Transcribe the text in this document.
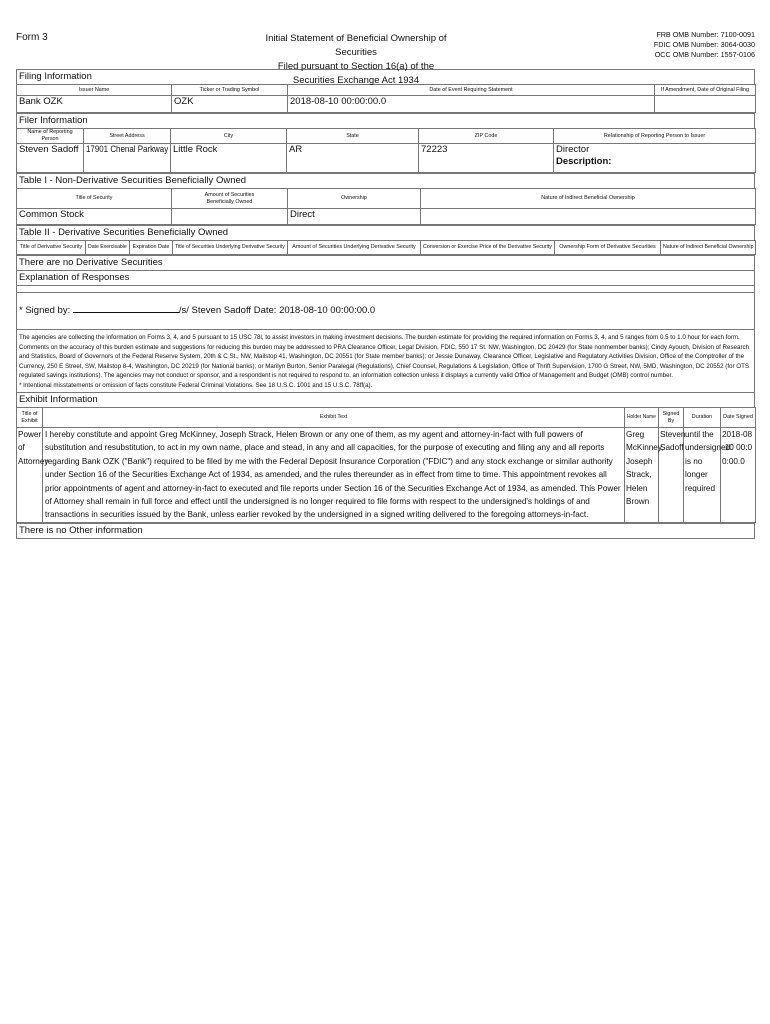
Form 3	Initial Statement of Beneficial Ownership of Securities
Filed pursuant to Section 16(a) of the Securities Exchange Act 1934
FRB OMB Number: 7100-0091
FDIC OMB Number: 3064-0030
OCC OMB Number: 1557-0106
Filing Information
Issuer Name	Ticker or Trading Symbol	Date of Event Requiring Statement	If Amendment, Date of Original Filing
Bank OZK	OZK	2018-08-10 00:00:00.0	
Filer Information
Name of Reporting Person	Street Address	City	State	ZIP Code	Relationship of Reporting Person to Issuer
Steven Sadoff	17901 Chenal Parkway	Little Rock	AR	72223	Director
Description:
Table I - Non-Derivative Securities Beneficially Owned
Title of Security	Amount of Securities Beneficially Owned	Ownership	Nature of Indirect Beneficial Ownership
Common Stock		Direct	
Table II - Derivative Securities Beneficially Owned
Title of Derivative Security	Date Exercisable	Expiration Date	Title of Securities Underlying Derivative Security	Amount of Securities Underlying Derivative Security	Conversion or Exercise Price of the Derivative Security	Ownership Form of Derivative Securities	Nature of Indirect Beneficial Ownership
There are no Derivative Securities
Explanation of Responses
* Signed by:	/s/ Steven Sadoff Date: 2018-08-10 00:00:00.0
The agencies are collecting the information on Forms 3, 4, and 5 pursuant to 15 USC 78l, to assist investors in making investment decisions. The burden estimate for providing the required information on Forms 3, 4, and 5 ranges from 0.5 to 1.0 hour for each form. Comments on the accuracy of this burden estimate and suggestions for reducing this burden may be addressed to PRA Clearance Officer, Legal Division, FDIC, 550 17 St. NW, Washington, DC 20429 (for State nonmember banks); Cindy Ayouch, Division of Research and Statistics, Board of Governors of the Federal Reserve System, 20th & C St., NW, Mailstop 41, Washington, DC 20551 (for State member banks); or Jessie Dunaway, Clearance Officer, Legislative and Regulatory Activities Division, Office of the Comptroller of the Currency, 250 E Street, SW, Mailstop 8-4, Washington, DC 20219 (for National banks); or Marilyn Burton, Senior Paralegal (Regulations), Chief Counsel, Regulations & Legislation, Office of Thrift Supervision, 1700 G Street, NW, 5MD, Washington, DC 20552 (for OTS regulated savings institutions). The agencies may not conduct or sponsor, and a respondent is not required to respond to, an information collection unless it displays a currently valid Office of Management and Budget (OMB) control number.
* Intentional misstatements or omission of facts constitute Federal Criminal Violations. See 18 U.S.C. 1001 and 15 U.S.C. 78ff(a).
Exhibit Information
Title of Exhibit	Exhibit Text	Holder Name	Signed By	Duration	Date Signed
Power of Attorney	I hereby constitute and appoint Greg McKinney, Joseph Strack, Helen Brown or any one of them, as my agent and attorney-in-fact with full powers of substitution and resubstitution, to act in my own name, place and stead, in any and all capacities, for the purpose of executing and filing any and all reports regarding Bank OZK ("Bank") required to be filed by me with the Federal Deposit Insurance Corporation ("FDIC") and any stock exchange or similar authority under Section 16 of the Securities Exchange Act of 1934, as amended, and the rules thereunder as in effect from time to time. This appointment revokes all prior appointments of agent and attorney-in-fact to executed and file reports under Section 16 of the Securities Exchange Act of 1934, as amended. This Power of Attorney shall remain in full force and effect until the undersigned is no longer required to file forms with respect to the undersigned's holdings of and transactions in securities issued by the Bank, unless earlier revoked by the undersigned in a signed writing delivered to the foregoing attorneys-in-fact.	Greg McKinney, Joseph Strack, Helen Brown	Steven Sadoff	until the undersigned is no longer required	2018-08-10 00:00:00.0
There is no Other information
